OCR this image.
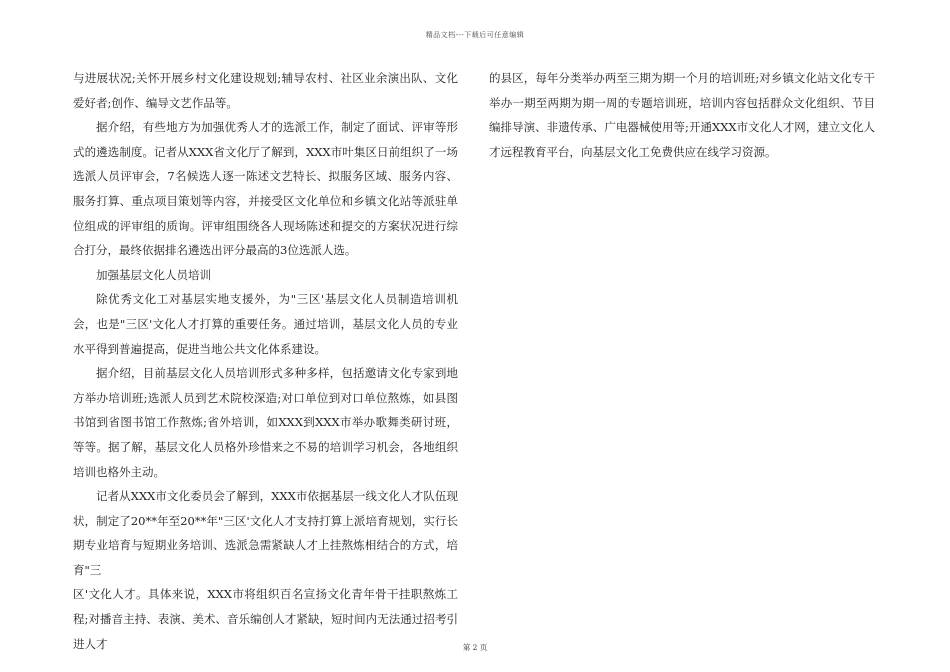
精品文档---下载后可任意编辑

与进展状况;关怀开展乡村文化建设规划;辅导农村、社区业余演出队、文化爱好者;创作、编导文艺作品等。

据介绍，有些地方为加强优秀人才的选派工作，制定了面试、评审等形式的遴选制度。记者从XXX省文化厅了解到，XXX市叶集区日前组织了一场选派人员评审会，7名候选人逐一陈述文艺特长、拟服务区域、服务内容、服务打算、重点项目策划等内容，并接受区文化单位和乡镇文化站等派驻单位组成的评审组的质询。评审组围绕各人现场陈述和提交的方案状况进行综合打分，最终依据排名遴选出评分最高的3位选派人选。

加强基层文化人员培训

除优秀文化工对基层实地支援外，为"三区'基层文化人员制造培训机会，也是"三区'文化人才打算的重要任务。通过培训，基层文化人员的专业水平得到普遍提高，促进当地公共文化体系建设。

据介绍，目前基层文化人员培训形式多种多样，包括邀请文化专家到地方举办培训班;选派人员到艺术院校深造;对口单位到对口单位熬炼，如县图书馆到省图书馆工作熬炼;省外培训，如XXX到XXX市举办歌舞类研讨班，等等。据了解，基层文化人员格外珍惜来之不易的培训学习机会，各地组织培训也格外主动。

记者从XXX市文化委员会了解到，XXX市依据基层一线文化人才队伍现状，制定了20**年至20**年"三区'文化人才支持打算上派培育规划，实行长期专业培育与短期业务培训、选派急需紧缺人才上挂熬炼相结合的方式，培育"三

区'文化人才。具体来说，XXX市将组织百名宣扬文化青年骨干挂职熬炼工程;对播音主持、表演、美术、音乐编创人才紧缺，短时间内无法通过招考引进人才

的县区，每年分类举办两至三期为期一个月的培训班;对乡镇文化站文化专干举办一期至两期为期一周的专题培训班，培训内容包括群众文化组织、节目编排导演、非遗传承、广电器械使用等;开通XXX市文化人才网，建立文化人才远程教育平台，向基层文化工免费供应在线学习资源。

第 2 页
